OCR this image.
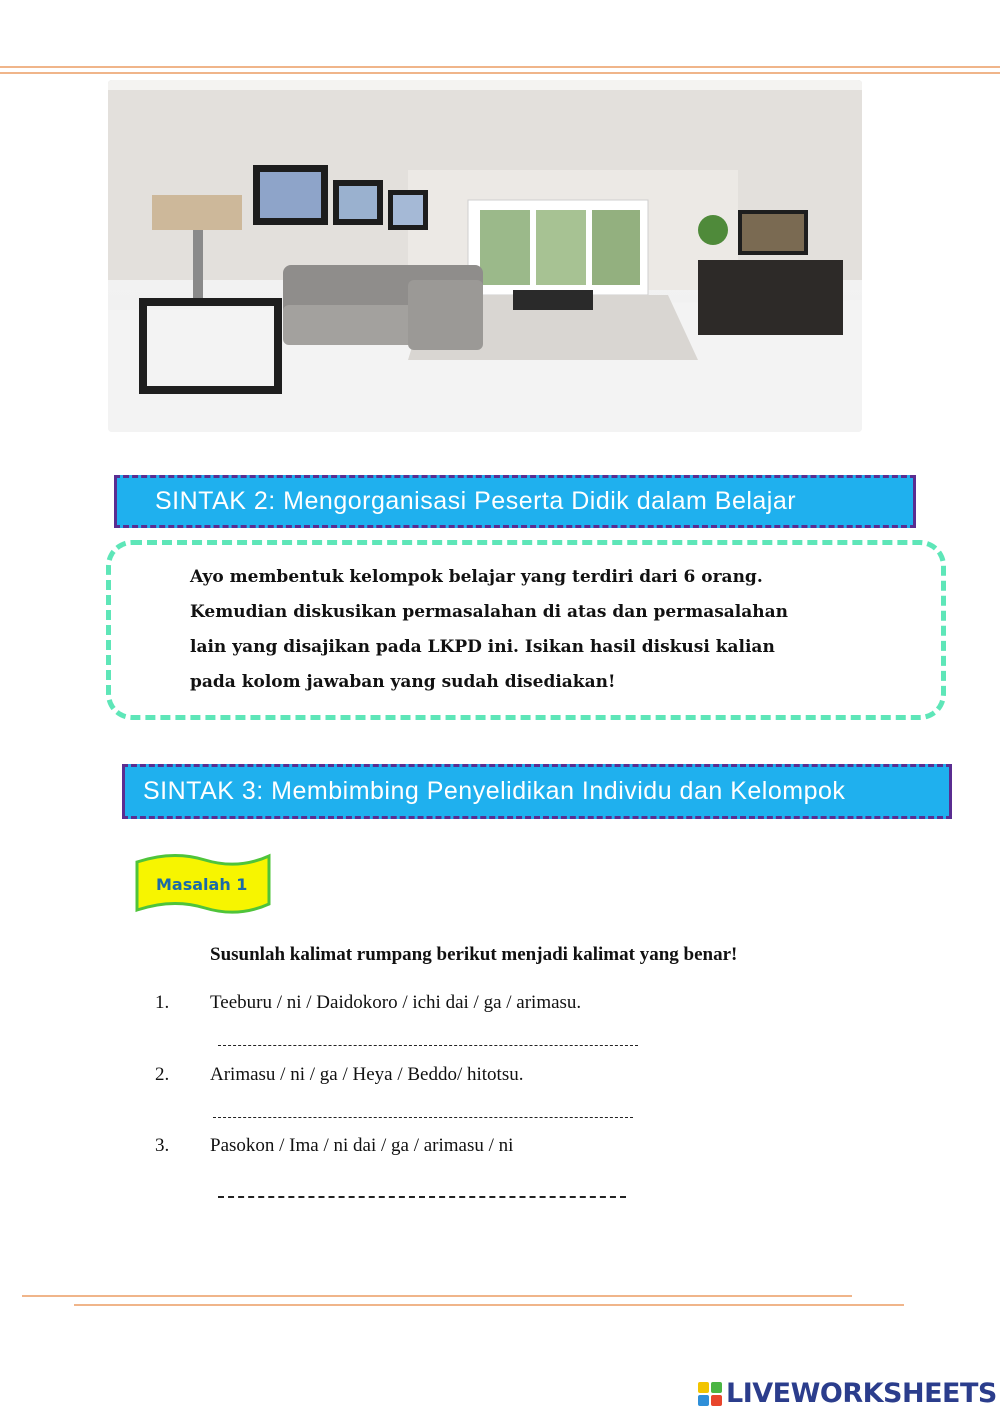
SINTAK 2: Mengorganisasi Peserta Didik dalam Belajar
Ayo membentuk kelompok belajar yang terdiri dari 6 orang.
Kemudian diskusikan permasalahan di atas dan permasalahan
lain yang disajikan pada LKPD ini. Isikan hasil diskusi kalian
pada kolom jawaban yang sudah disediakan!
SINTAK 3: Membimbing Penyelidikan Individu dan Kelompok
Masalah 1
Susunlah kalimat rumpang berikut menjadi kalimat yang benar!
1. Teeburu / ni / Daidokoro / ichi dai / ga / arimasu.
2. Arimasu / ni / ga / Heya / Beddo/ hitotsu.
3. Pasokon / Ima / ni dai / ga / arimasu / ni
LIVEWORKSHEETS
